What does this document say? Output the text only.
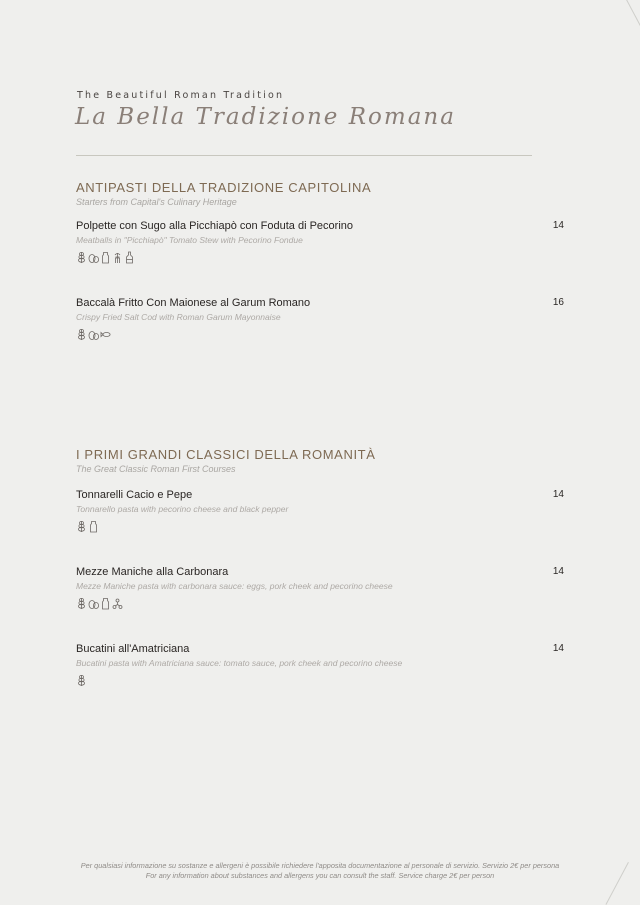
The Beautiful Roman Tradition
La Bella Tradizione Romana
ANTIPASTI DELLA TRADIZIONE CAPITOLINA
Starters from Capital's Culinary Heritage
Polpette con Sugo alla Picchiapò con Foduta di Pecorino
Meatballs in "Picchiapò" Tomato Stew with Pecorino Fondue
14
Baccalà Fritto Con Maionese al Garum Romano
Crispy Fried Salt Cod with Roman Garum Mayonnaise
16
I PRIMI GRANDI CLASSICI DELLA ROMANITÀ
The Great Classic Roman First Courses
Tonnarelli Cacio e Pepe
Tonnarello pasta with pecorino cheese and black pepper
14
Mezze Maniche alla Carbonara
Mezze Maniche pasta with carbonara sauce: eggs, pork cheek and pecorino cheese
14
Bucatini all'Amatriciana
Bucatini pasta with Amatriciana sauce: tomato sauce, pork cheek and pecorino cheese
14
Per qualsiasi informazione su sostanze e allergeni è possibile richiedere l'apposita documentazione al personale di servizio. Servizio 2€ per persona
For any information about substances and allergens you can consult the staff. Service charge 2€ per person
